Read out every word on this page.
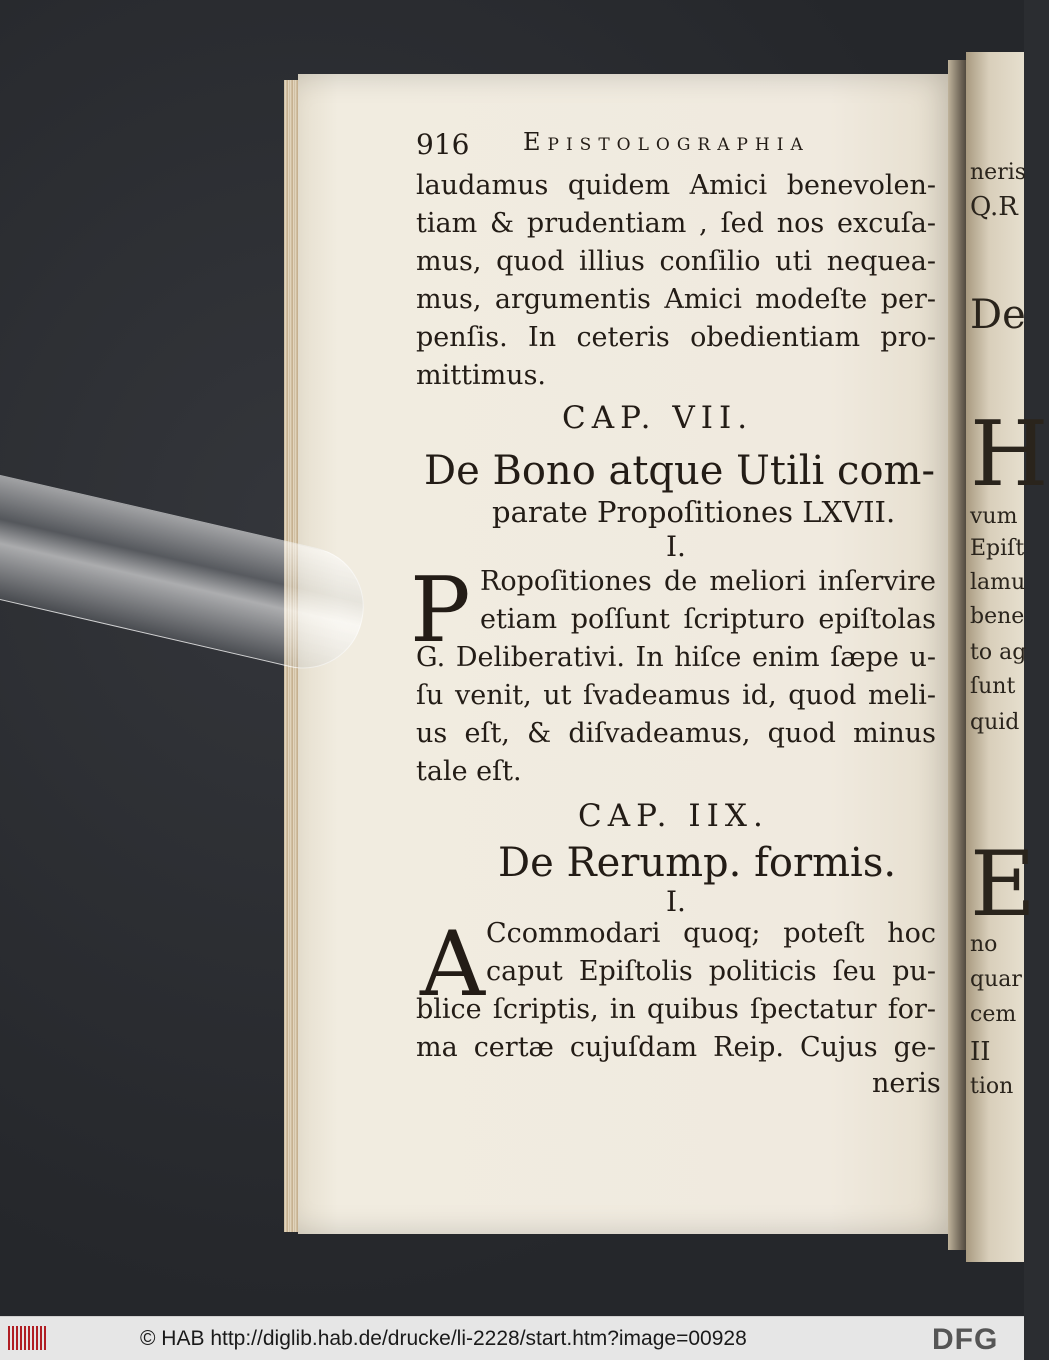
neris
Q.R
De
H
vum
Epiſt
lamu
bene
to ag
ſunt
quid
E
no
quar
cem
II
tion
916 Epistolographia
laudamus quidem Amici benevolen-
tiam & prudentiam , ſed nos excuſa-
mus, quod illius conſilio uti nequea-
mus, argumentis Amici modeſte per-
penſis. In ceteris obedientiam pro-
mittimus.
CAP. VII.
De Bono atque Utili com-
parate Propoſitiones LXVII.
I.
P Ropoſitiones de meliori inſervire
etiam poſſunt ſcripturo epiſtolas
G. Deliberativi. In hiſce enim ſæpe u-
ſu venit, ut ſvadeamus id, quod meli-
us eſt, & diſvadeamus, quod minus
tale eſt.
CAP. IIX.
De Rerump. formis.
I.
A Ccommodari quoq; poteſt hoc
caput Epiſtolis politicis ſeu pu-
blice ſcriptis, in quibus ſpectatur for-
ma certæ cujuſdam Reip. Cujus ge-
neris
© HAB http://diglib.hab.de/drucke/li-2228/start.htm?image=00928	DFG
